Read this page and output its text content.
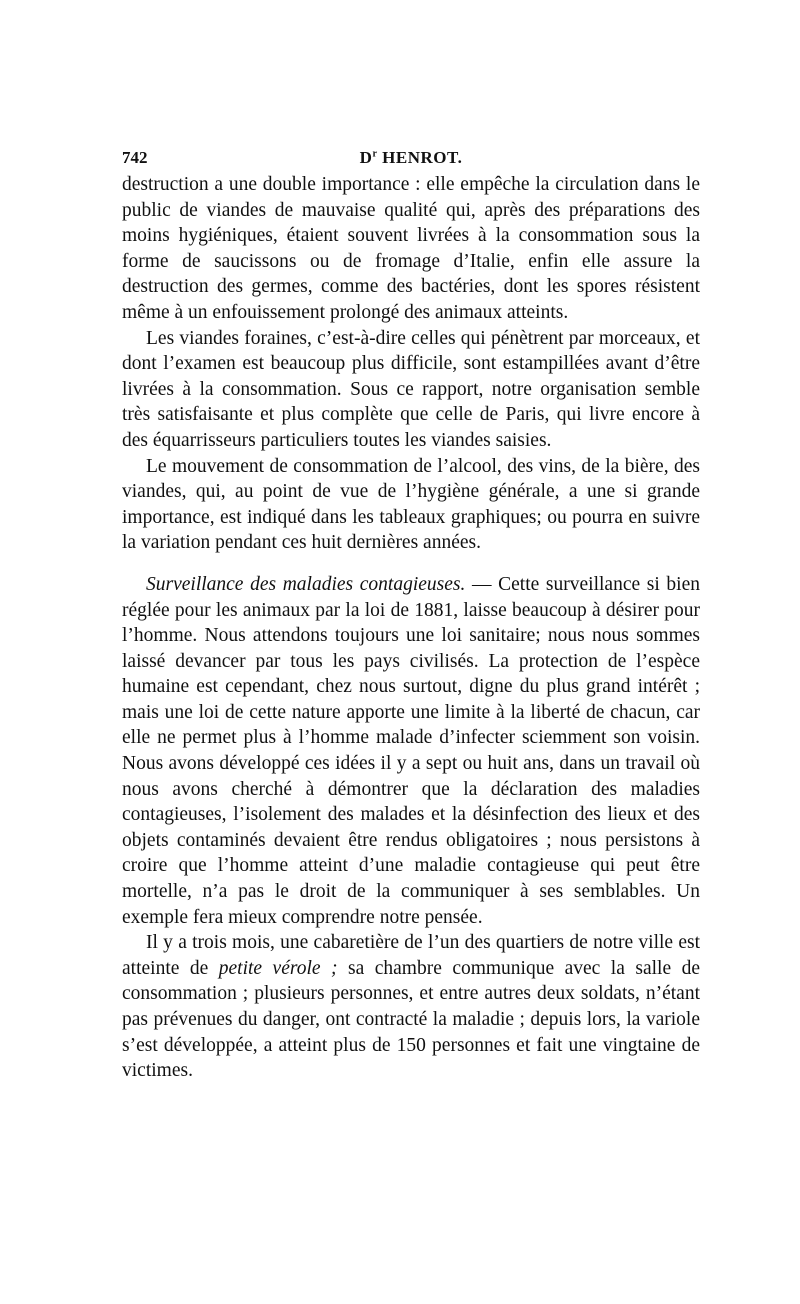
742	$D^r$ HENROT.

destruction a une double importance : elle empêche la circulation dans le public de viandes de mauvaise qualité qui, après des préparations des moins hygiéniques, étaient souvent livrées à la consommation sous la forme de saucissons ou de fromage d’Italie, enfin elle assure la destruction des germes, comme des bactéries, dont les spores résistent même à un enfouissement prolongé des animaux atteints.

Les viandes foraines, c’est-à-dire celles qui pénètrent par morceaux, et dont l’examen est beaucoup plus difficile, sont estampillées avant d’être livrées à la consommation. Sous ce rapport, notre organisation semble très satisfaisante et plus complète que celle de Paris, qui livre encore à des équarrisseurs particuliers toutes les viandes saisies.

Le mouvement de consommation de l’alcool, des vins, de la bière, des viandes, qui, au point de vue de l’hygiène générale, a une si grande importance, est indiqué dans les tableaux graphiques; ou pourra en suivre la variation pendant ces huit dernières années.

Surveillance des maladies contagieuses. — Cette surveillance si bien réglée pour les animaux par la loi de 1881, laisse beaucoup à désirer pour l’homme. Nous attendons toujours une loi sanitaire; nous nous sommes laissé devancer par tous les pays civilisés. La protection de l’espèce humaine est cependant, chez nous surtout, digne du plus grand intérêt ; mais une loi de cette nature apporte une limite à la liberté de chacun, car elle ne permet plus à l’homme malade d’infecter sciemment son voisin. Nous avons développé ces idées il y a sept ou huit ans, dans un travail où nous avons cherché à démontrer que la déclaration des maladies contagieuses, l’isolement des malades et la désinfection des lieux et des objets contaminés devaient être rendus obligatoires ; nous persistons à croire que l’homme atteint d’une maladie contagieuse qui peut être mortelle, n’a pas le droit de la communiquer à ses semblables. Un exemple fera mieux comprendre notre pensée.

Il y a trois mois, une cabaretière de l’un des quartiers de notre ville est atteinte de petite vérole ; sa chambre communique avec la salle de consommation ; plusieurs personnes, et entre autres deux soldats, n’étant pas prévenues du danger, ont contracté la maladie ; depuis lors, la variole s’est développée, a atteint plus de 150 personnes et fait une vingtaine de victimes.
